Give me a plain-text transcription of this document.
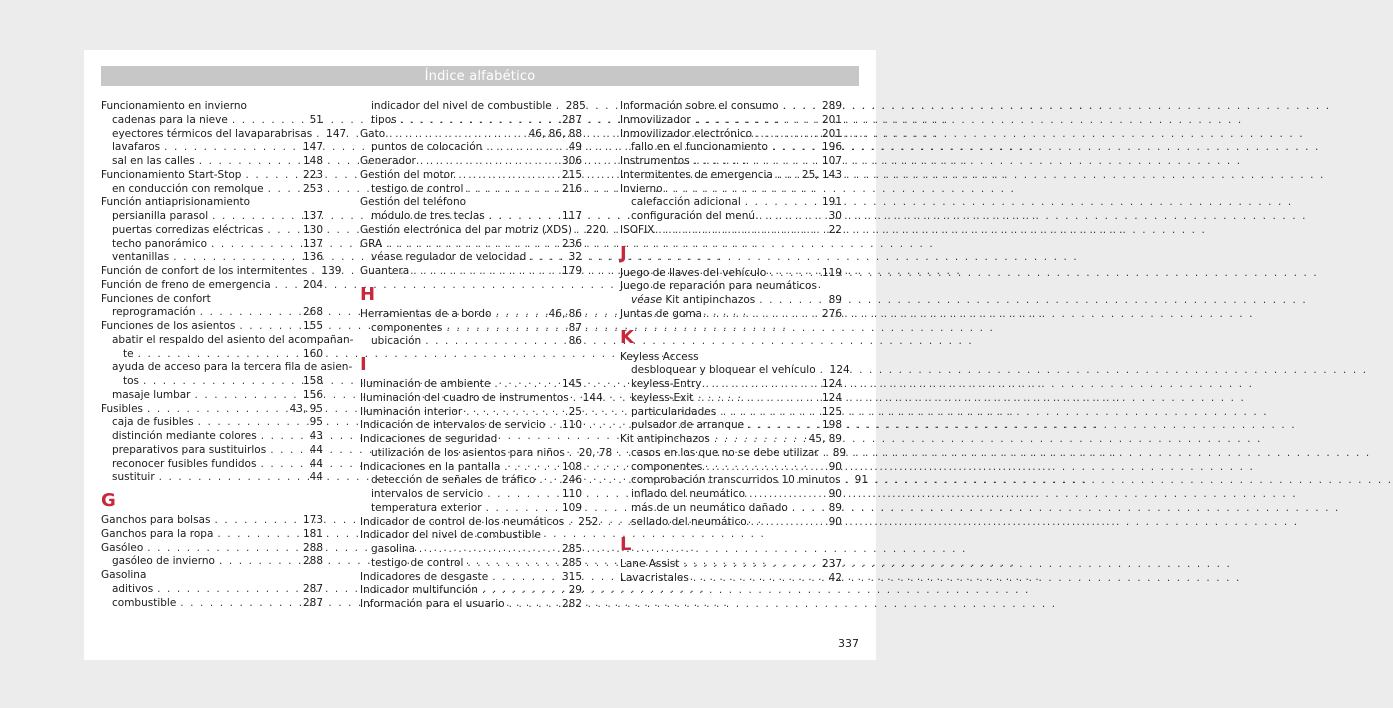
Índice alfabético
Funcionamiento en invierno
cadenas para la nieve . . .	51
eyectores térmicos del lavaparabrisas . . . 147
lavafaros . . .	147
sal en las calles . . .	148
Funcionamiento Start-Stop . . .	223
en conducción con remolque . . .	253
Función antiaprisionamiento
persianilla parasol . . .	137
puertas corredizas eléctricas . . .	130
techo panorámico . . .	137
ventanillas . . .	136
Función de confort de los intermitentes . . . 139
Función de freno de emergencia . . .	204
Funciones de confort
reprogramación . . .	268
Funciones de los asientos . . .	155
abatir el respaldo del asiento del acompañan-
te . . .	160
ayuda de acceso para la tercera fila de asien-
tos . . .	158
masaje lumbar . . .	156
Fusibles . . .	43, 95
caja de fusibles . . .	95
distinción mediante colores . . .	43
preparativos para sustituirlos . . .	44
reconocer fusibles fundidos . . .	44
sustituir . . .	44
G
Ganchos para bolsas . . .	173
Ganchos para la ropa . . .	181
Gasóleo . . .	288
gasóleo de invierno . . .	288
Gasolina
aditivos . . .	287
combustible . . .	287
indicador del nivel de combustible . . . 285
tipos . . .	287
Gato . . .	46, 86, 88
puntos de colocación . . .	49
Generador . . .	306
Gestión del motor . . .	215
testigo de control . . .	216
Gestión del teléfono
módulo de tres teclas . . .	117
Gestión electrónica del par motriz (XDS) . . . 220
GRA . . .	236
véase regulador de velocidad . . .	32
Guantera . . .	179
H
Herramientas de a bordo . . .	46, 86
componentes . . .	87
ubicación . . .	86
I
Iluminación de ambiente . . .	145
Iluminación del cuadro de instrumentos . . . 144
Iluminación interior . . .	25
Indicación de intervalos de servicio . . . 110
Indicaciones de seguridad
utilización de los asientos para niños . . . 20, 78
Indicaciones en la pantalla . . .	108
detección de señales de tráfico . . .	246
intervalos de servicio . . .	110
temperatura exterior . . .	109
Indicador de control de los neumáticos . . . 252
Indicador del nivel de combustible
gasolina . . .	285
testigo de control . . .	285
Indicadores de desgaste . . .	315
Indicador multifunción . . .	29
Información para el usuario . . .	282
Información sobre el consumo . . .	289
Inmovilizador . . .	201
Inmovilizador electrónico . . .	201
fallo en el funcionamiento . . .	196
Instrumentos . . .	107
Intermitentes de emergencia . . .	25, 143
Invierno
calefacción adicional . . .	191
configuración del menú . . .	30
ISOFIX . . .	22
J
Juego de llaves del vehículo . . .	119
Juego de reparación para neumáticos
véase Kit antipinchazos . . .	89
Juntas de goma . . .	276
K
Keyless Access
desbloquear y bloquear el vehículo . . . 124
keyless-Entry . . .	124
keyless-Exit . . .	124
particularidades . . .	125
pulsador de arranque . . .	198
Kit antipinchazos . . .	45, 89
casos en los que no se debe utilizar . . . 89
componentes . . .	90
comprobación transcurridos 10 minutos . . . 91
inflado del neumático . . .	90
más de un neumático dañado . . .	89
sellado del neumático . . .	90
L
Lane Assist . . .	237
Lavacristales . . .	42
337
